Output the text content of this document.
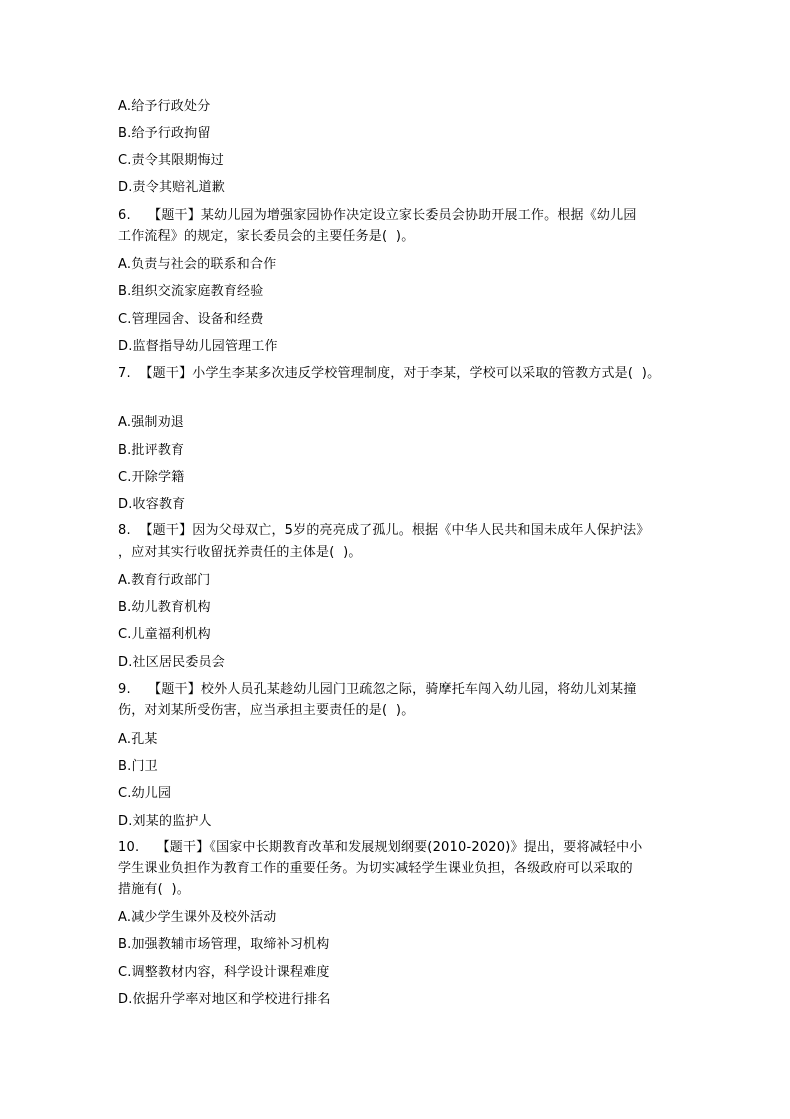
A.给予行政处分
B.给予行政拘留
C.责令其限期悔过
D.责令其赔礼道歉
6.    【题干】某幼儿园为增强家园协作决定设立家长委员会协助开展工作。根据《幼儿园
工作流程》的规定，家长委员会的主要任务是(  )。
A.负责与社会的联系和合作
B.组织交流家庭教育经验
C.管理园舍、设备和经费
D.监督指导幼儿园管理工作
7.  【题干】小学生李某多次违反学校管理制度，对于李某，学校可以采取的管教方式是(  )。
A.强制劝退
B.批评教育
C.开除学籍
D.收容教育
8.  【题干】因为父母双亡，5岁的亮亮成了孤儿。根据《中华人民共和国未成年人保护法》
，应对其实行收留抚养责任的主体是(  )。
A.教育行政部门
B.幼儿教育机构
C.儿童福利机构
D.社区居民委员会
9.    【题干】校外人员孔某趁幼儿园门卫疏忽之际，骑摩托车闯入幼儿园，将幼儿刘某撞
伤，对刘某所受伤害，应当承担主要责任的是(  )。
A.孔某
B.门卫
C.幼儿园
D.刘某的监护人
10.    【题干】《国家中长期教育改革和发展规划纲要(2010-2020)》提出，要将减轻中小
学生课业负担作为教育工作的重要任务。为切实减轻学生课业负担，各级政府可以采取的
措施有(  )。
A.减少学生课外及校外活动
B.加强教辅市场管理，取缔补习机构
C.调整教材内容，科学设计课程难度
D.依据升学率对地区和学校进行排名
